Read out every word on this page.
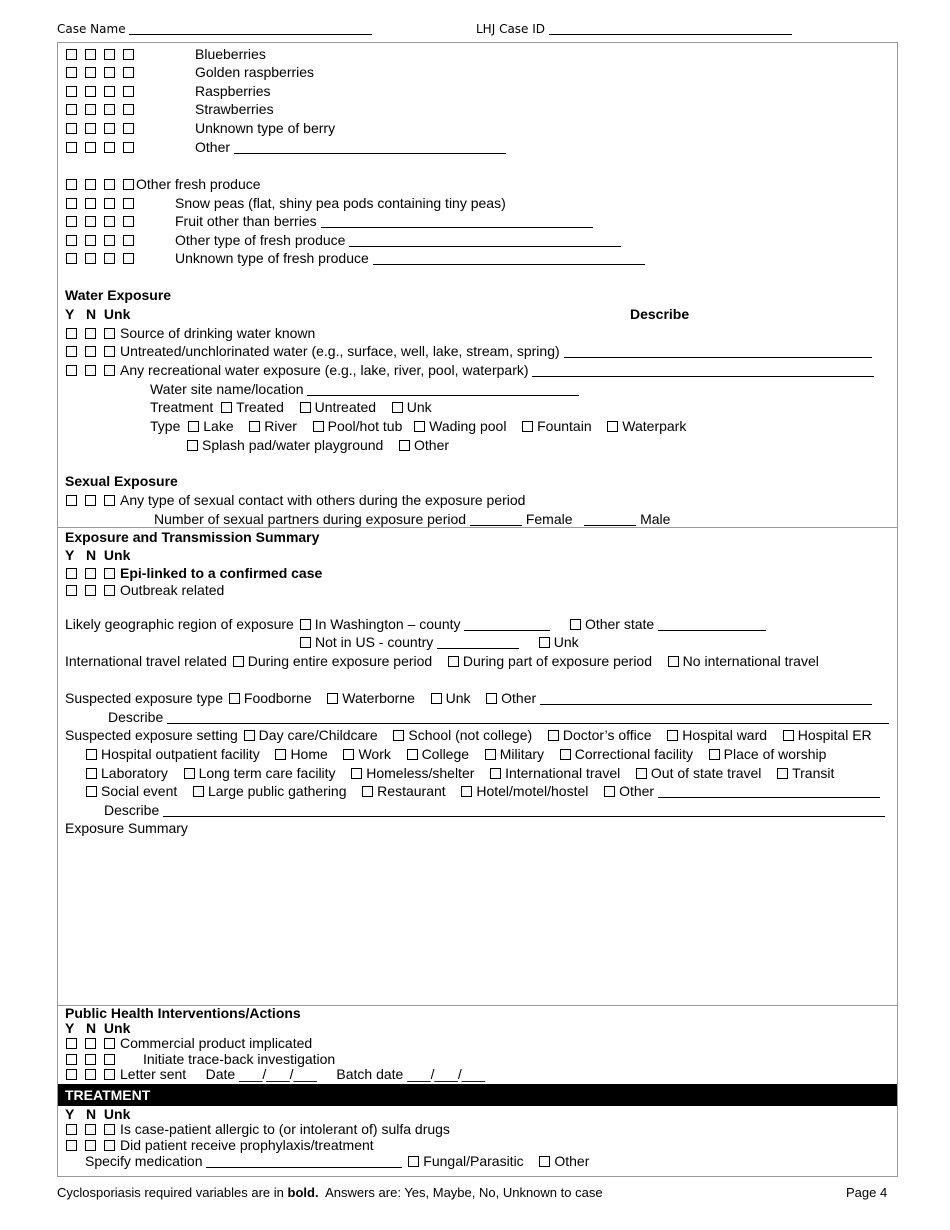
Case Name	LHJ Case ID
Blueberries
Golden raspberries
Raspberries
Strawberries
Unknown type of berry
Other
Other fresh produce
Snow peas (flat, shiny pea pods containing tiny peas)
Fruit other than berries
Other type of fresh produce
Unknown type of fresh produce
Water Exposure
Y N Unk	Describe
Source of drinking water known
Untreated/unchlorinated water (e.g., surface, well, lake, stream, spring)
Any recreational water exposure (e.g., lake, river, pool, waterpark)
Water site name/location
Treatment Treated Untreated Unk
Type Lake River Pool/hot tub Wading pool Fountain Waterpark
Splash pad/water playground Other
Sexual Exposure
Any type of sexual contact with others during the exposure period
Number of sexual partners during exposure period	Female	Male
Exposure and Transmission Summary
Y N Unk
Epi-linked to a confirmed case
Outbreak related
Likely geographic region of exposure In Washington – county	Other state
Not in US - country	Unk
International travel related During entire exposure period During part of exposure period No international travel
Suspected exposure type Foodborne Waterborne Unk Other
Describe
Suspected exposure setting Day care/Childcare School (not college) Doctor’s office Hospital ward Hospital ER
Hospital outpatient facility Home Work College Military Correctional facility Place of worship
Laboratory Long term care facility Homeless/shelter International travel Out of state travel Transit
Social event Large public gathering Restaurant Hotel/motel/hostel Other
Describe
Exposure Summary
Public Health Interventions/Actions
Y N Unk
Commercial product implicated
Initiate trace-back investigation
Letter sent Date ___/___/___ Batch date ___/___/___
TREATMENT
Y N Unk
Is case-patient allergic to (or intolerant of) sulfa drugs
Did patient receive prophylaxis/treatment
Specify medication	Fungal/Parasitic Other
Cyclosporiasis required variables are in bold. Answers are: Yes, Maybe, No, Unknown to case	Page 4
